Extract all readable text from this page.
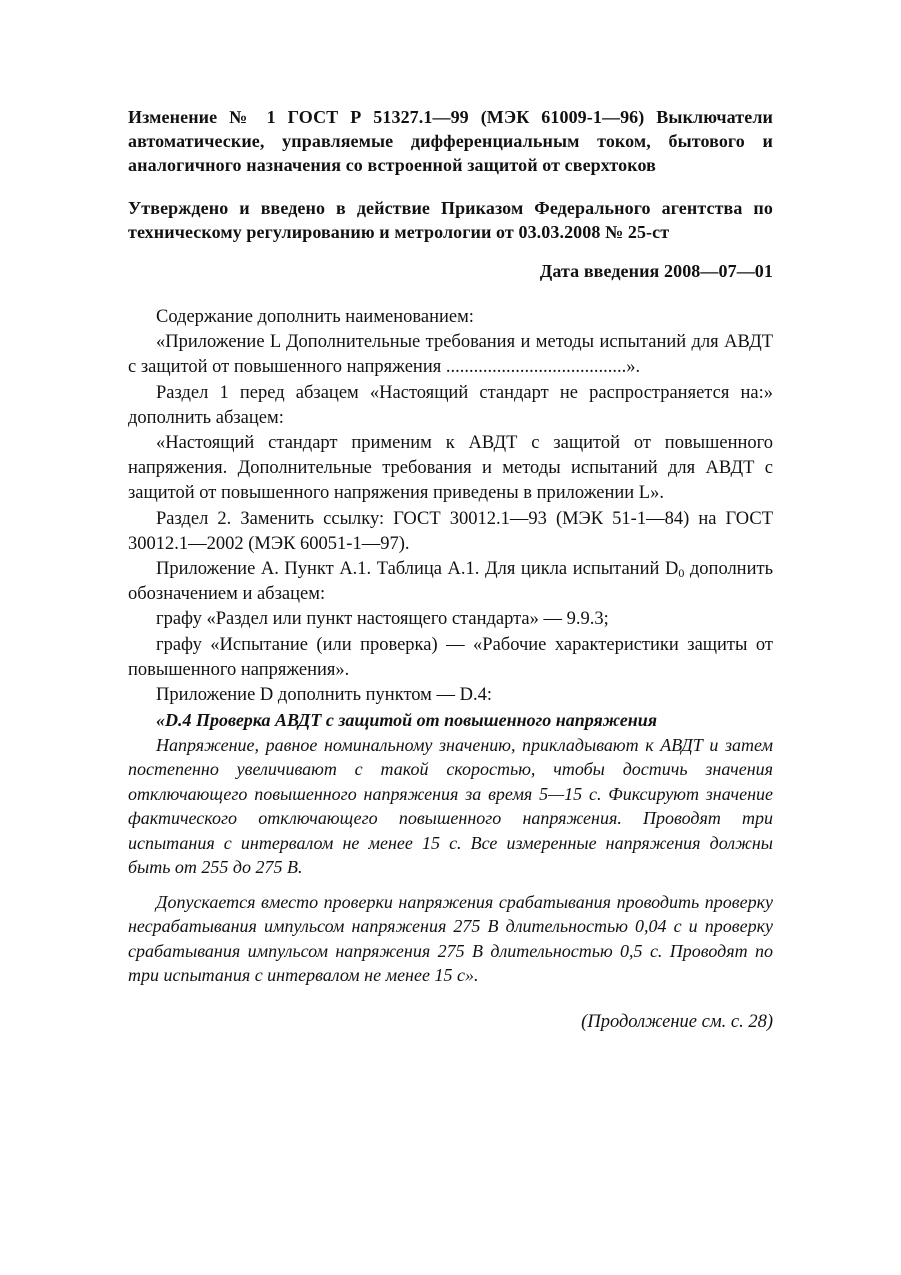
Изменение № 1 ГОСТ Р 51327.1—99 (МЭК 61009-1—96) Выключатели автоматические, управляемые дифференциальным током, бытового и аналогичного назначения со встроенной защитой от сверхтоков
Утверждено и введено в действие Приказом Федерального агентства по техническому регулированию и метрологии от 03.03.2008 № 25-ст
Дата введения 2008—07—01

Содержание дополнить наименованием:

«Приложение L Дополнительные требования и методы испытаний для АВДТ с защитой от повышенного напряжения .......................................».

Раздел 1 перед абзацем «Настоящий стандарт не распространяется на:» дополнить абзацем:

«Настоящий стандарт применим к АВДТ с защитой от повышенного напряжения. Дополнительные требования и методы испытаний для АВДТ с защитой от повышенного напряжения приведены в приложении L».

Раздел 2. Заменить ссылку: ГОСТ 30012.1—93 (МЭК 51-1—84) на ГОСТ 30012.1—2002 (МЭК 60051-1—97).

Приложение А. Пункт А.1. Таблица А.1. Для цикла испытаний $D_0$ дополнить обозначением и абзацем:

графу «Раздел или пункт настоящего стандарта» — 9.9.3;

графу «Испытание (или проверка) — «Рабочие характеристики защиты от повышенного напряжения».

Приложение D дополнить пунктом — D.4:

«D.4 Проверка АВДТ с защитой от повышенного напряжения

Напряжение, равное номинальному значению, прикладывают к АВДТ и затем постепенно увеличивают с такой скоростью, чтобы достичь значения отключающего повышенного напряжения за время 5—15 с. Фиксируют значение фактического отключающего повышенного напряжения. Проводят три испытания с интервалом не менее 15 с. Все измеренные напряжения должны быть от 255 до 275 В.

Допускается вместо проверки напряжения срабатывания проводить проверку несрабатывания импульсом напряжения 275 В длительностью 0,04 с и проверку срабатывания импульсом напряжения 275 В длительностью 0,5 с. Проводят по три испытания с интервалом не менее 15 с».

(Продолжение см. с. 28)
